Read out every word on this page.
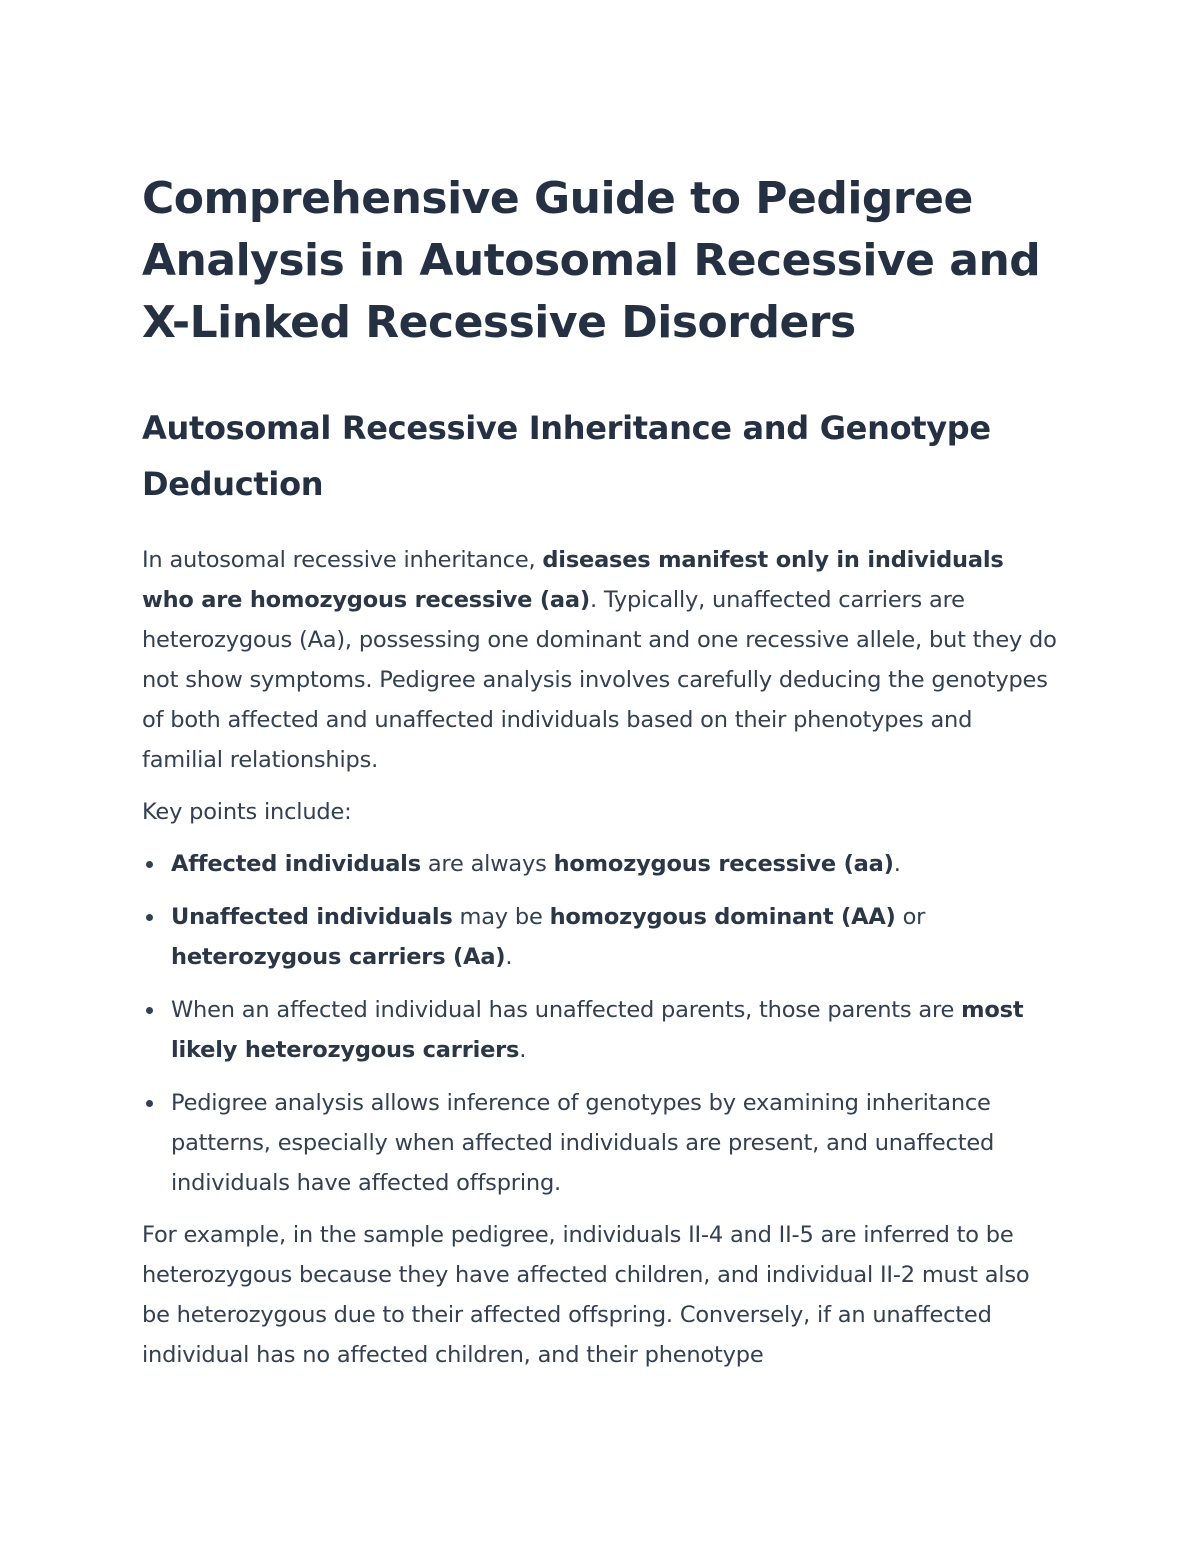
Comprehensive Guide to Pedigree Analysis in Autosomal Recessive and X-Linked Recessive Disorders
Autosomal Recessive Inheritance and Genotype Deduction

In autosomal recessive inheritance, diseases manifest only in individuals who are homozygous recessive (aa). Typically, unaffected carriers are heterozygous (Aa), possessing one dominant and one recessive allele, but they do not show symptoms. Pedigree analysis involves carefully deducing the genotypes of both affected and unaffected individuals based on their phenotypes and familial relationships.

Key points include:

Affected individuals are always homozygous recessive (aa).
Unaffected individuals may be homozygous dominant (AA) or heterozygous carriers (Aa).
When an affected individual has unaffected parents, those parents are most likely heterozygous carriers.
Pedigree analysis allows inference of genotypes by examining inheritance patterns, especially when affected individuals are present, and unaffected individuals have affected offspring.

For example, in the sample pedigree, individuals II-4 and II-5 are inferred to be heterozygous because they have affected children, and individual II-2 must also be heterozygous due to their affected offspring. Conversely, if an unaffected individual has no affected children, and their phenotype
